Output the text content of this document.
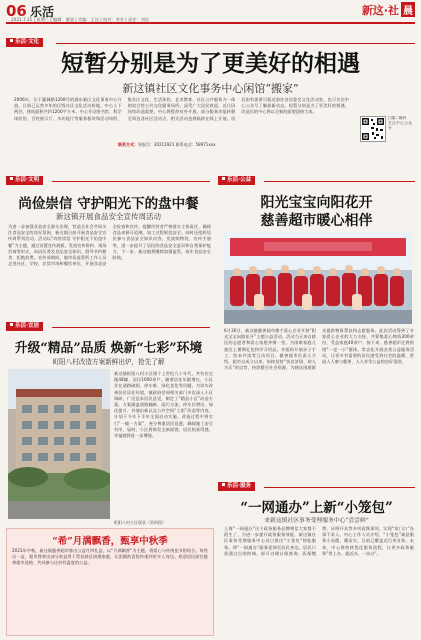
06 乐活
2021.7.21 | 星期三 | 编辑：董丽 | 美编：王洁 | 校对：李芳 | 责任：刘浩
新这·社 晨
乐活·文化
短暂分别是为了更美好的相遇
新这镇社区文化事务中心闲馆“搬家”
2006年，位于灌城路1208号的浦东新区文化事务中心开放，目前已运营多年的区级社区文化活动阵地，中心上下两层，建筑面积共约1200平方米。中心开设图书馆、科学体验馆、百姓展示厅、多功能厅等服务板块和活动场所，集社区文化、生活体验、艺术教育、社区公共服务为一体的综合性公共文化服务场所，深受广大居民欢迎。近日因场馆改造需要，中心将暂停对外开放，部分服务功能转移至周边各社区活动点，相关活动也将陆续在线上开展。居民如有需要可就近前往各居委会文化活动室，也可关注中心公众号了解最新动态。短暂分别是为了更美好的相遇，改造后的中心将以全新的面貌迎接大家。
联系方式：领航号：20211921 联系电话：58971xxx
扫描二维码
关注中心公众号
乐活·文明
尚俭崇信 守护阳光下的盘中餐
新这镇开展食品安全宣传周活动
为进一步加强食品安全源头治理，营造全社会共同关注食品安全的良好氛围，新这镇日前开展食品安全宣传周系列活动。活动以“尚俭崇信 守护阳光下的盘中餐”为主题，通过设置宣传展板、发放宣传资料、现场咨询等形式，向居民普及食品安全知识，倡导节约粮食、拒绝浪费。宣传周期间，镇市场监管所工作人员走进社区、学校、农贸市场和餐饮单位，开展食品安全检查和宣传，提醒经营者严格落实主体责任，确保食品来源可追溯、加工过程规范安全。同时还组织居民参与食品安全知识问答，发放购物袋、宣传手册等，进一步提升了居民的食品安全意识和自我保护能力。下一步，新这镇将继续加强监管，筑牢食品安全防线。
乐活·公益
阳光宝宝向阳花开
慈善超市暖心相伴
6月26日，新这镇慈善超市携手爱心企业开展“阳光宝宝向阳花开”主题公益活动，活动当天来自辖区的志愿者和爱心家庭齐聚一堂，为困难家庭儿童送上暑期礼包和学习用品，并组织开展亲子手工、绘本共读等互动项目。慈善超市负责人介绍，超市自成立以来，始终坚持“扶贫济困、助人为乐”的宗旨，持续整合社会资源，为辖区困难群众提供物资帮扶和志愿服务。此次活动得到了多家爱心企业的大力支持，共筹集爱心物资200余份，受益家庭40余户。接下来，慈善超市还将围绕“一老一小”群体，常态化开展各类公益服务活动，让更多有需要的居民感受到社会的温暖，营造人人参与慈善、人人享受公益的良好氛围。
乐活·宜居
升级“精品”品质 焕新“七彩”环境
町阳八村改造方案新鲜出炉，抢先了解
新这镇町阳八村小区建于上世纪九十年代，共有住宅楼48幢、居民1600余户。随着居住年限增长，小区存在道路破损、停车难、绿化老化等问题。为切实改善居民居住环境，镇政府会同相关部门多次深入小区调研，广泛征求居民意见，制定了“精品小区”改造方案。方案涵盖道路翻新、雨污分流、停车位增设、绿化提升、外墙出新以及公共空间“七彩”改造等内容，计划于今年下半年全面启动实施。改造过程中将实行“一楼一方案”，充分尊重居民意愿，确保施工安全有序。届时，小区将焕发全新面貌，居民的获得感、幸福感将进一步增强。
町阳八村小区现状（资料图）
“希”月满飘香，甄享中秋季
2021年中秋，新这镇慈善超市推出公益月饼礼盒，以“月满飘香”为主题，将爱心与传统佳节相结合。每售出一盒，超市将拿出部分收益用于帮扶辖区困难家庭，让团圆的喜悦传递到更多人身边。欢迎居民前往慈善超市选购，共同参与这份有温度的公益。
乐活·服务
“一网通办”上新“小笼包”
来新这镇社区事务受理服务中心“尝尝鲜”
上海“一网通办”这个政务服务品牌相信大家都不陌生了。为进一步提升政务服务效能，新这镇社区事务受理服务中心近日推出“小笼包”智能服务，将“一网通办”服务延伸至居民身边。居民只需通过自助终端，即可办理社保查询、医保缴费、证明开具等多项高频事项，实现“家门口”办事不求人。中心工作人员介绍，“小笼包”寓意服务小而精、暖而实，目前已覆盖近百项业务。未来，中心将持续优化服务流程，让更多政务服务“掌上办、就近办、一次办”。
